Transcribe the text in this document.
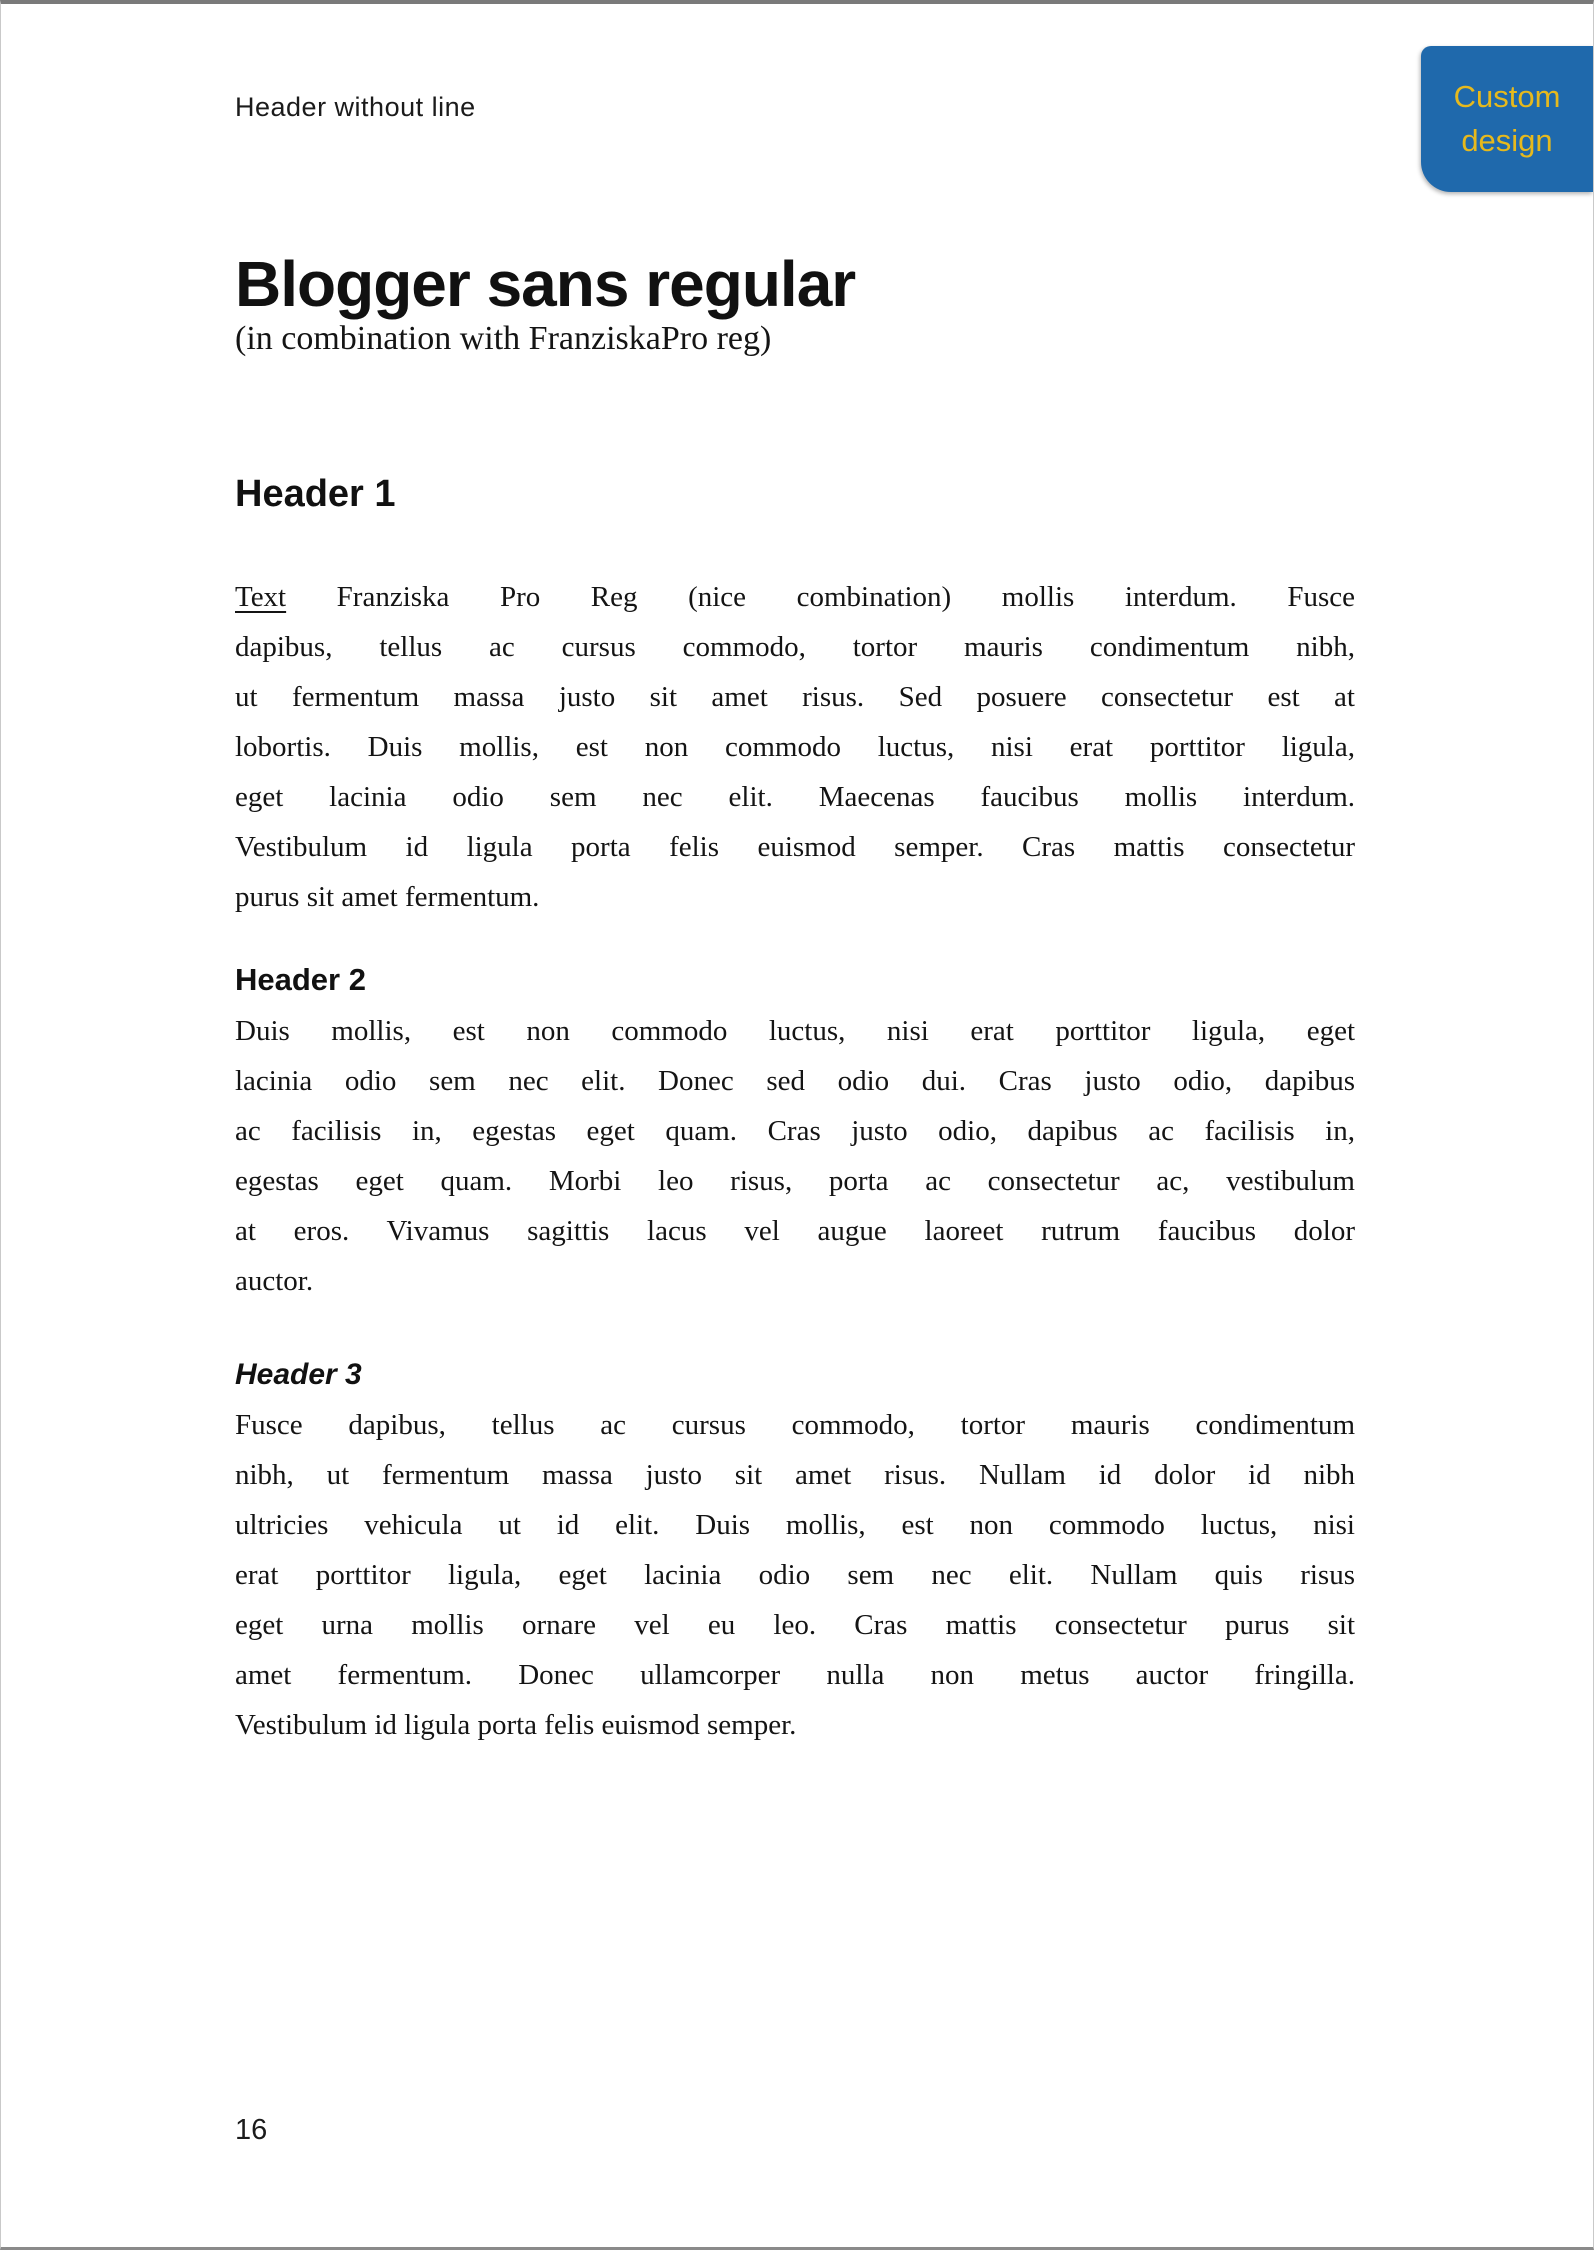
Custom
design
Header without line
Blogger sans regular
(in combination with FranziskaPro reg)
Header 1
Text Franziska Pro Reg (nice combination) mollis interdum. Fusce
dapibus, tellus ac cursus commodo, tortor mauris condimentum nibh,
ut fermentum massa justo sit amet risus. Sed posuere consectetur est at
lobortis. Duis mollis, est non commodo luctus, nisi erat porttitor ligula,
eget lacinia odio sem nec elit. Maecenas faucibus mollis interdum.
Vestibulum id ligula porta felis euismod semper. Cras mattis consectetur
purus sit amet fermentum.
Header 2
Duis mollis, est non commodo luctus, nisi erat porttitor ligula, eget
lacinia odio sem nec elit. Donec sed odio dui. Cras justo odio, dapibus
ac facilisis in, egestas eget quam. Cras justo odio, dapibus ac facilisis in,
egestas eget quam. Morbi leo risus, porta ac consectetur ac, vestibulum
at eros. Vivamus sagittis lacus vel augue laoreet rutrum faucibus dolor
auctor.
Header 3
Fusce dapibus, tellus ac cursus commodo, tortor mauris condimentum
nibh, ut fermentum massa justo sit amet risus. Nullam id dolor id nibh
ultricies vehicula ut id elit. Duis mollis, est non commodo luctus, nisi
erat porttitor ligula, eget lacinia odio sem nec elit. Nullam quis risus
eget urna mollis ornare vel eu leo. Cras mattis consectetur purus sit
amet fermentum. Donec ullamcorper nulla non metus auctor fringilla.
Vestibulum id ligula porta felis euismod semper.
16
